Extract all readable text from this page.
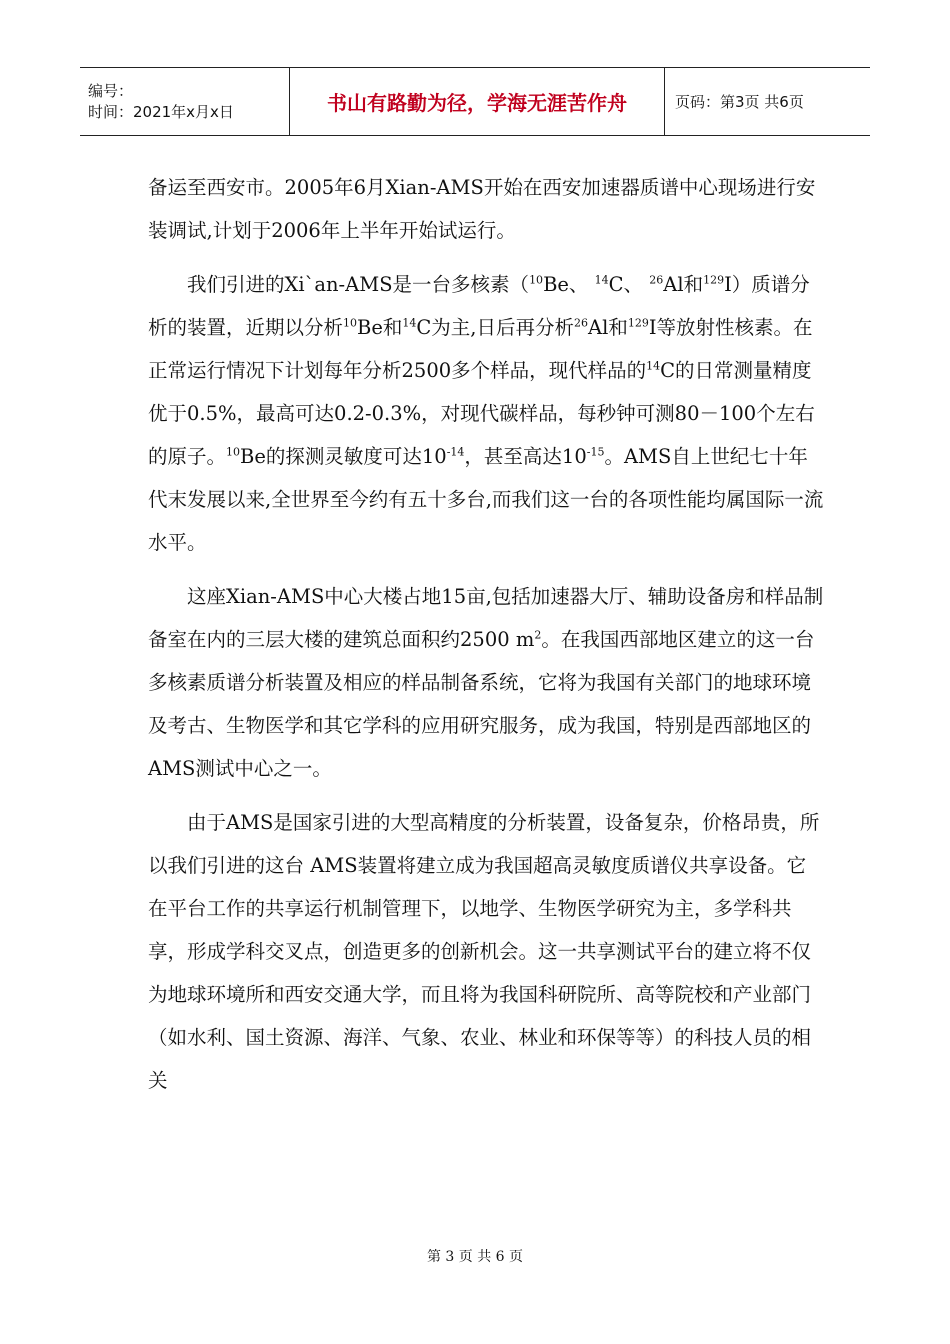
编号：
时间：2021年x月x日	书山有路勤为径，学海无涯苦作舟	页码：第3页 共6页

备运至西安市。2005年6月Xian-AMS开始在西安加速器质谱中心现场进行安装调试,计划于2006年上半年开始试运行。

我们引进的Xi`an-AMS是一台多核素（$^{10}$Be、 $^{14}$C、 $^{26}$Al和$^{129}$I）质谱分析的装置，近期以分析$^{10}$Be和$^{14}$C为主,日后再分析$^{26}$Al和$^{129}$I等放射性核素。在正常运行情况下计划每年分析2500多个样品，现代样品的$^{14}$C的日常测量精度优于0.5%，最高可达0.2-0.3%，对现代碳样品，每秒钟可测80－100个左右的原子。$^{10}$Be的探测灵敏度可达$10^{-14}$，甚至高达$10^{-15}$。AMS自上世纪七十年代末发展以来,全世界至今约有五十多台,而我们这一台的各项性能均属国际一流水平。

这座Xian-AMS中心大楼占地15亩,包括加速器大厅、辅助设备房和样品制备室在内的三层大楼的建筑总面积约2500 $m^2$。在我国西部地区建立的这一台多核素质谱分析装置及相应的样品制备系统，它将为我国有关部门的地球环境及考古、生物医学和其它学科的应用研究服务，成为我国，特别是西部地区的AMS测试中心之一。

由于AMS是国家引进的大型高精度的分析装置，设备复杂，价格昂贵，所以我们引进的这台 AMS装置将建立成为我国超高灵敏度质谱仪共享设备。它在平台工作的共享运行机制管理下，以地学、生物医学研究为主，多学科共享，形成学科交叉点，创造更多的创新机会。这一共享测试平台的建立将不仅为地球环境所和西安交通大学，而且将为我国科研院所、高等院校和产业部门（如水利、国土资源、海洋、气象、农业、林业和环保等等）的科技人员的相关

第 3 页 共 6 页
